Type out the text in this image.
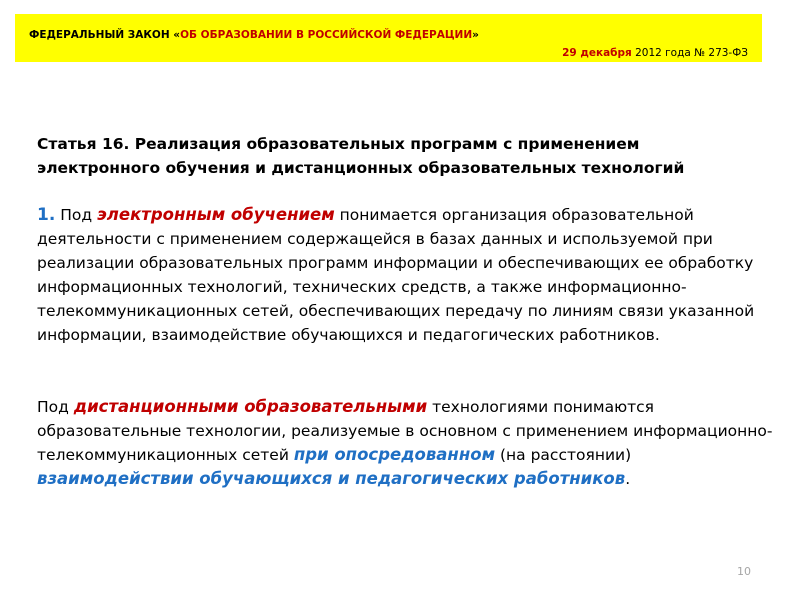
ФЕДЕРАЛЬНЫЙ ЗАКОН «ОБ ОБРАЗОВАНИИ В РОССИЙСКОЙ ФЕДЕРАЦИИ»
29 декабря 2012 года № 273-ФЗ

Статья 16. Реализация образовательных программ с применением электронного обучения и дистанционных образовательных технологий

1. Под электронным обучением понимается организация образовательной деятельности с применением содержащейся в базах данных и используемой при реализации образовательных программ информации и обеспечивающих ее обработку информационных технологий, технических средств, а также информационно-телекоммуникационных сетей, обеспечивающих передачу по линиям связи указанной информации, взаимодействие обучающихся и педагогических работников.

Под дистанционными образовательными технологиями понимаются образовательные технологии, реализуемые в основном с применением информационно-телекоммуникационных сетей при опосредованном (на расстоянии) взаимодействии обучающихся и педагогических работников.

10
